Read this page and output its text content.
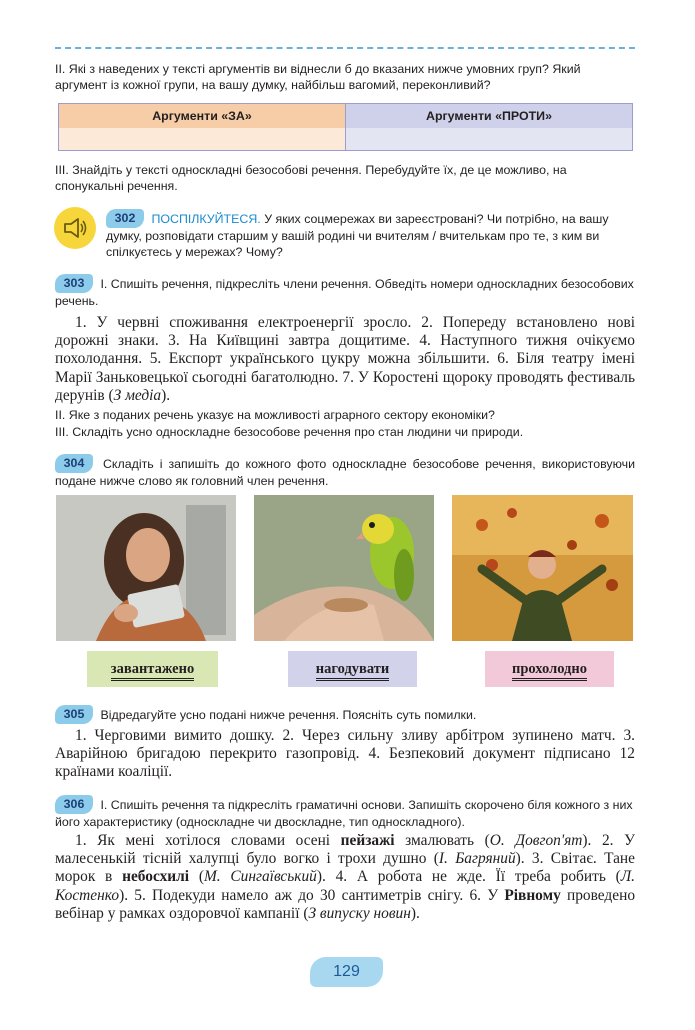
II. Які з наведених у тексті аргументів ви віднесли б до вказаних нижче умовних груп? Який аргумент із кожної групи, на вашу думку, найбільш вагомий, переконливий?

Аргументи «ЗА»	Аргументи «ПРОТИ»

III. Знайдіть у тексті односкладні безособові речення. Перебудуйте їх, де це можливо, на спонукальні речення.

302 ПОСПІЛКУЙТЕСЯ. У яких соцмережах ви зареєстровані? Чи потрібно, на вашу думку, розповідати старшим у вашій родині чи вчителям / вчителькам про те, з ким ви спілкуєтесь у мережах? Чому?

303 I. Спишіть речення, підкресліть члени речення. Обведіть номери односкладних безособових речень.

1. У червні споживання електроенергії зросло. 2. Попереду встановлено нові дорожні знаки. 3. На Київщині завтра дощитиме. 4. Наступного тижня очікуємо похолодання. 5. Експорт українського цукру можна збільшити. 6. Біля театру імені Марії Заньковецької сьогодні багатолюдно. 7. У Коростені щороку проводять фестиваль дерунів (З медіа).

II. Яке з поданих речень указує на можливості аграрного сектору економіки?

III. Складіть усно односкладне безособове речення про стан людини чи природи.

304 Складіть і запишіть до кожного фото односкладне безособове речення, використовуючи подане нижче слово як головний член речення.

завантажено	нагодувати	прохолодно

305 Відредагуйте усно подані нижче речення. Поясніть суть помилки.

1. Черговими вимито дошку. 2. Через сильну зливу арбітром зупинено матч. 3. Аварійною бригадою перекрито газопровід. 4. Безпековий документ підписано 12 країнами коаліції.

306 I. Спишіть речення та підкресліть граматичні основи. Запишіть скорочено біля кожного з них його характеристику (односкладне чи двоскладне, тип односкладного).

1. Як мені хотілося словами осені пейзажі змалювать (О. Довгоп'ят). 2. У малесенькій тісній халупці було вогко і трохи душно (І. Багряний). 3. Світає. Тане морок в небосхилі (М. Сингаївський). 4. А робота не жде. Її треба робить (Л. Костенко). 5. Подекуди намело аж до 30 сантиметрів снігу. 6. У Рівному проведено вебінар у рамках оздоровчої кампанії (З випуску новин).

129
